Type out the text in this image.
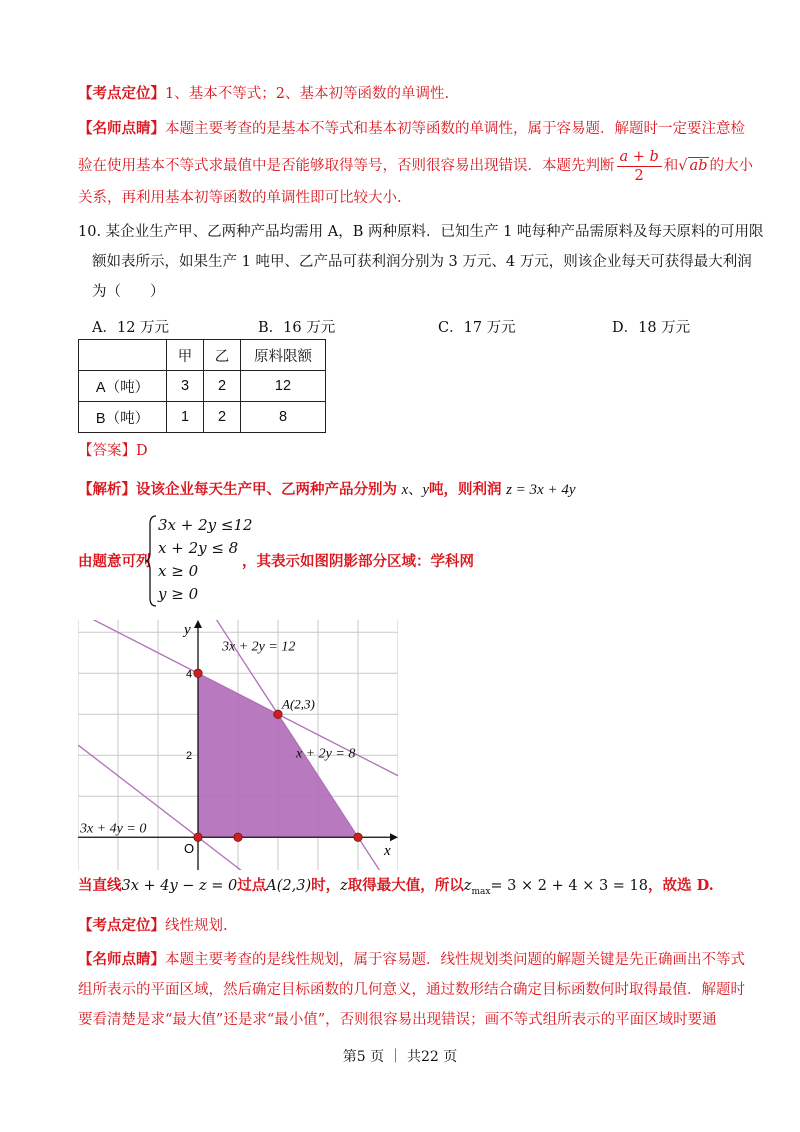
【考点定位】1、基本不等式；2、基本初等函数的单调性.
【名师点睛】本题主要考查的是基本不等式和基本初等函数的单调性，属于容易题．解题时一定要注意检
验在使用基本不等式求最值中是否能够取得等号，否则很容易出现错误．本题先判断 $\frac{a + b}{2}$ 和√ ab 的大小
关系，再利用基本初等函数的单调性即可比较大小.
10. 某企业生产甲、乙两种产品均需用 A，B 两种原料．已知生产 1 吨每种产品需原料及每天原料的可用限
额如表所示，如果生产 1 吨甲、乙产品可获利润分别为 3 万元、4 万元，则该企业每天可获得最大利润
为（　　）
A．12 万元	B．16 万元	C．17 万元	D．18 万元
	甲	乙	原料限额
A（吨）	3	2	12
B（吨）	1	2	8
【答案】D
【解析】设该企业每天生产甲、乙两种产品分别为 x、y吨，则利润 z = 3x + 4y
由题意可列
3x + 2y ≤12
x + 2y ≤ 8
x ≥ 0
y ≥ 0
，其表示如图阴影部分区域：学科网
x
y
O
2
4
3x + 2y = 12
x + 2y = 8
3x + 4y = 0
A(2,3)
当直线3x + 4y − z = 0过点A(2,3)时，z取得最大值，所以$z_{max}= 3 \times 2 + 4 \times 3 = 18$，故选 D.
【考点定位】线性规划.
【名师点睛】本题主要考查的是线性规划，属于容易题．线性规划类问题的解题关键是先正确画出不等式
组所表示的平面区域，然后确定目标函数的几何意义，通过数形结合确定目标函数何时取得最值．解题时
要看清楚是求“最大值”还是求“最小值”，否则很容易出现错误；画不等式组所表示的平面区域时要通
第5 页 ｜ 共22 页
